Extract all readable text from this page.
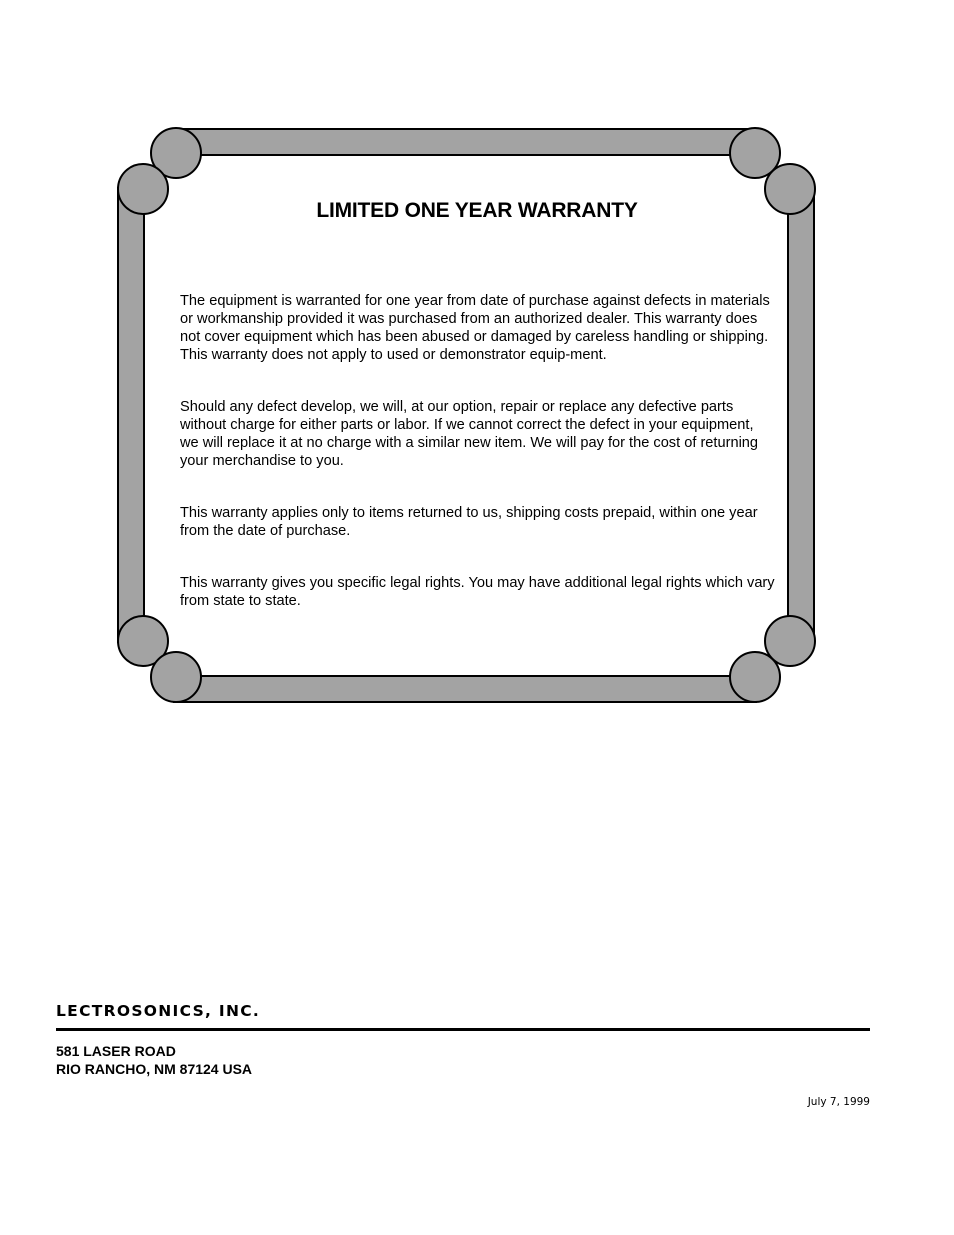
LIMITED ONE YEAR WARRANTY

The equipment is warranted for one year from date of purchase against defects in materials or workmanship provided it was purchased from an authorized dealer. This warranty does not cover equipment which has been abused or damaged by careless handling or shipping. This warranty does not apply to used or demonstrator equip-ment.

Should any defect develop, we will, at our option, repair or replace any defective parts without charge for either parts or labor. If we cannot correct the defect in your equipment, we will replace it at no charge with a similar new item. We will pay for the cost of returning your merchandise to you.

This warranty applies only to items returned to us, shipping costs prepaid, within one year from the date of purchase.

This warranty gives you specific legal rights. You may have additional legal rights which vary from state to state.

LECTROSONICS, INC.
581 LASER ROAD
RIO RANCHO, NM 87124 USA
July 7, 1999
